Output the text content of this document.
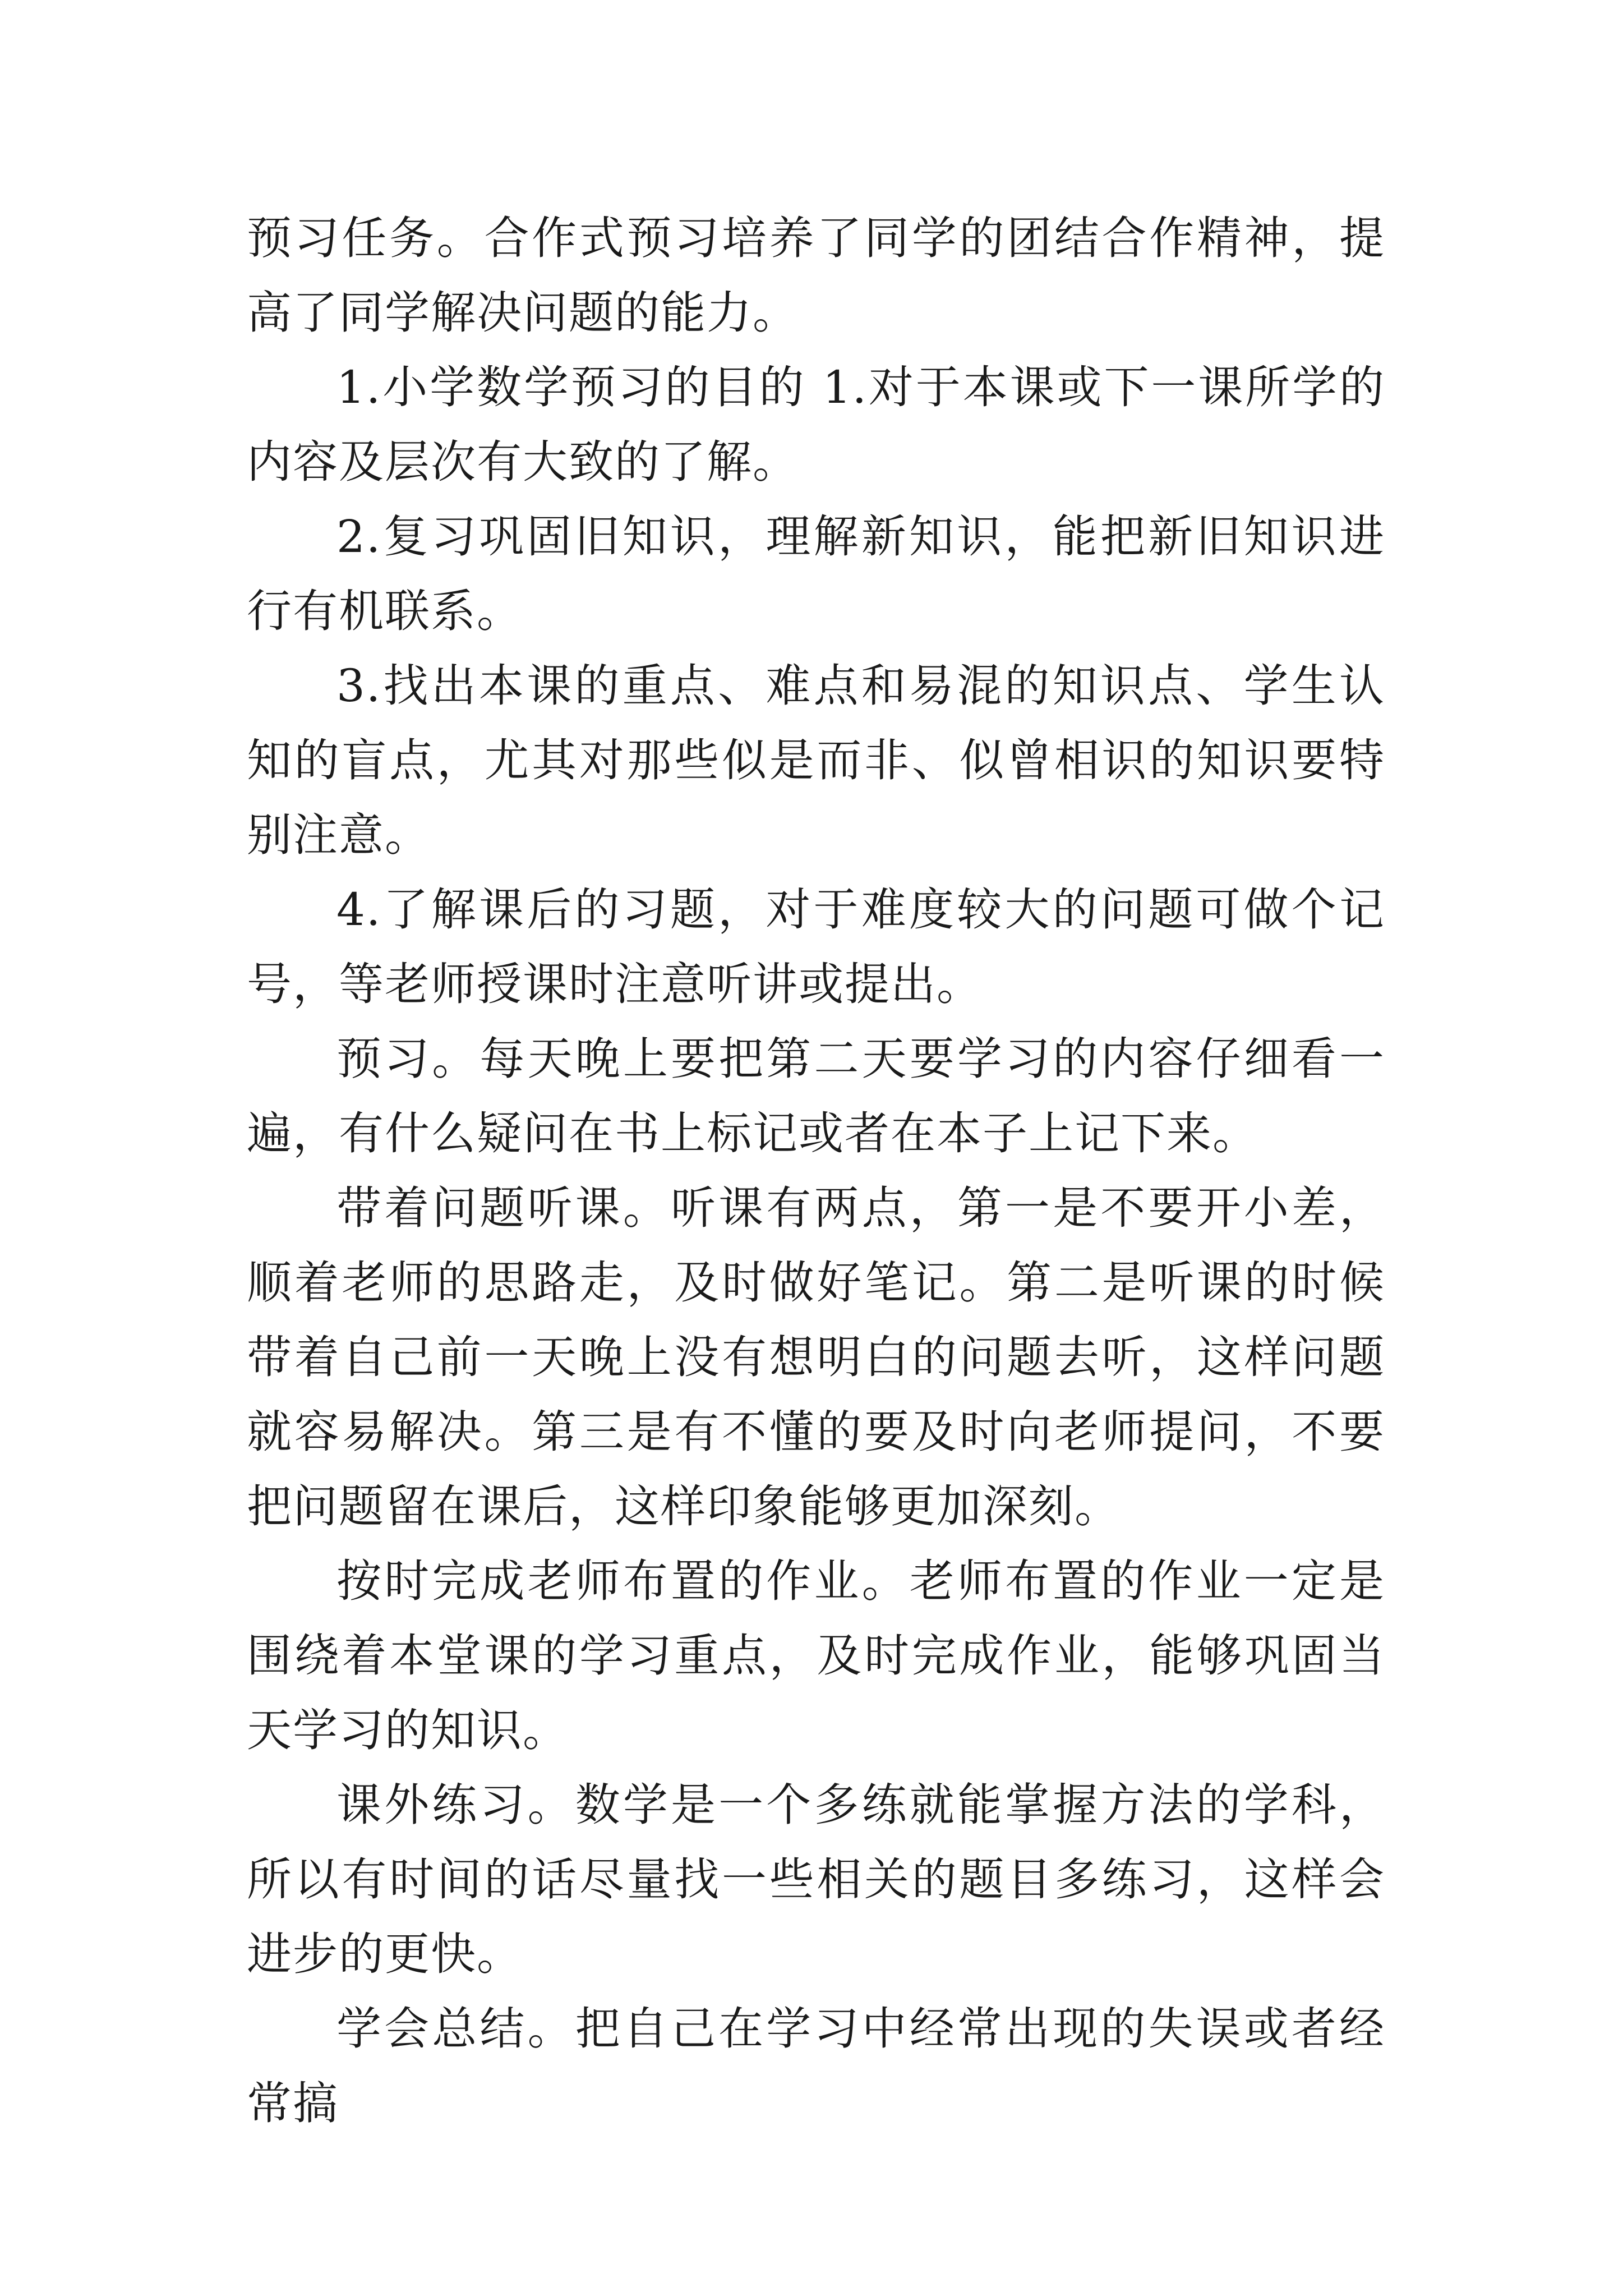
预习任务。合作式预习培养了同学的团结合作精神，提高了同学解决问题的能力。

1.小学数学预习的目的 1.对于本课或下一课所学的内容及层次有大致的了解。

2.复习巩固旧知识，理解新知识，能把新旧知识进行有机联系。

3.找出本课的重点、难点和易混的知识点、学生认知的盲点，尤其对那些似是而非、似曾相识的知识要特别注意。

4.了解课后的习题，对于难度较大的问题可做个记号，等老师授课时注意听讲或提出。

预习。每天晚上要把第二天要学习的内容仔细看一遍，有什么疑问在书上标记或者在本子上记下来。

带着问题听课。听课有两点，第一是不要开小差，顺着老师的思路走，及时做好笔记。第二是听课的时候带着自己前一天晚上没有想明白的问题去听，这样问题就容易解决。第三是有不懂的要及时向老师提问，不要把问题留在课后，这样印象能够更加深刻。

按时完成老师布置的作业。老师布置的作业一定是围绕着本堂课的学习重点，及时完成作业，能够巩固当天学习的知识。

课外练习。数学是一个多练就能掌握方法的学科，所以有时间的话尽量找一些相关的题目多练习，这样会进步的更快。

学会总结。把自己在学习中经常出现的失误或者经常搞
